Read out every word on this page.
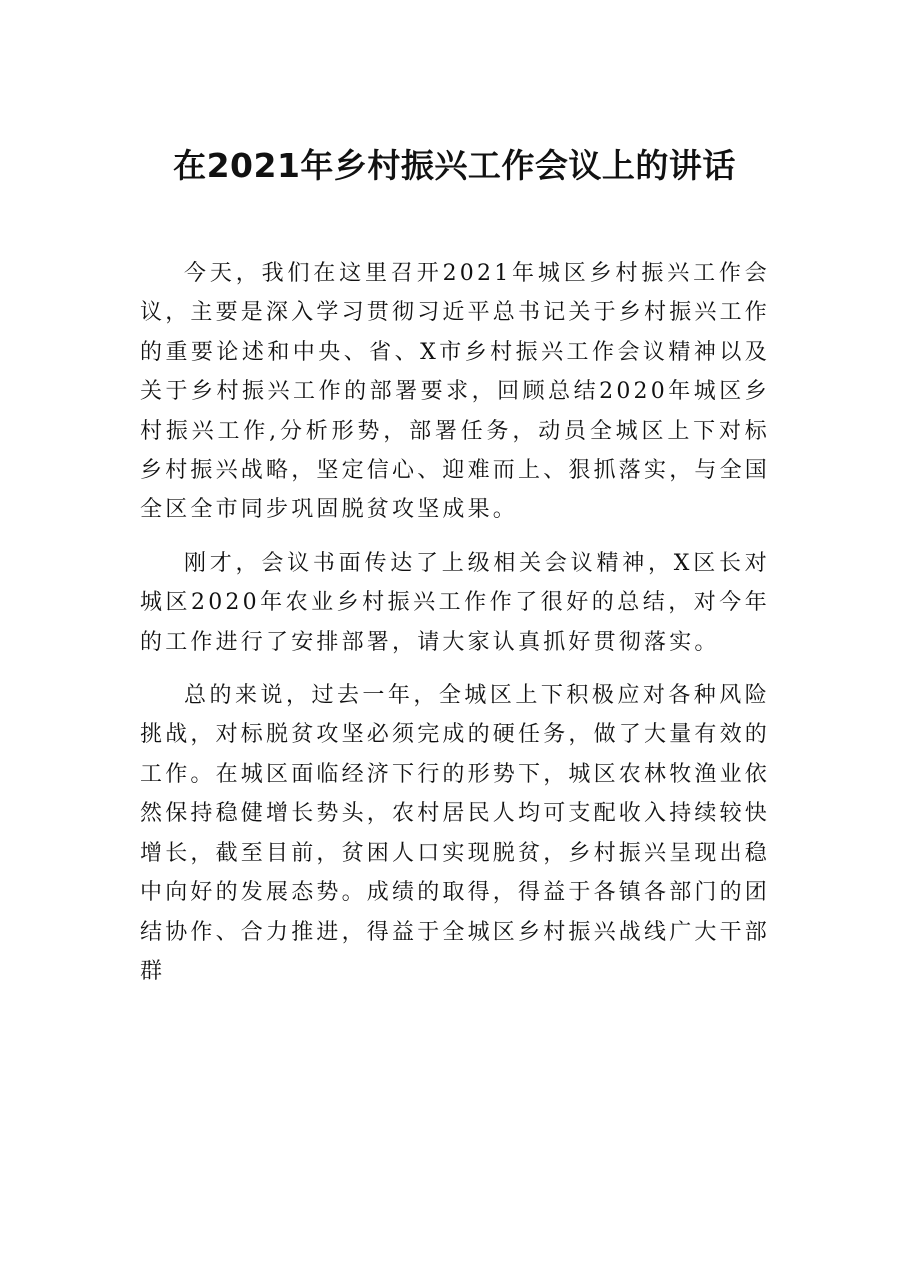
在2021年乡村振兴工作会议上的讲话

今天，我们在这里召开2021年城区乡村振兴工作会议，主要是深入学习贯彻习近平总书记关于乡村振兴工作的重要论述和中央、省、X市乡村振兴工作会议精神以及关于乡村振兴工作的部署要求，回顾总结2020年城区乡村振兴工作,分析形势，部署任务，动员全城区上下对标乡村振兴战略，坚定信心、迎难而上、狠抓落实，与全国全区全市同步巩固脱贫攻坚成果。

刚才，会议书面传达了上级相关会议精神，X区长对城区2020年农业乡村振兴工作作了很好的总结，对今年的工作进行了安排部署，请大家认真抓好贯彻落实。

总的来说，过去一年，全城区上下积极应对各种风险挑战，对标脱贫攻坚必须完成的硬任务，做了大量有效的工作。在城区面临经济下行的形势下，城区农林牧渔业依然保持稳健增长势头，农村居民人均可支配收入持续较快增长，截至目前，贫困人口实现脱贫，乡村振兴呈现出稳中向好的发展态势。成绩的取得，得益于各镇各部门的团结协作、合力推进，得益于全城区乡村振兴战线广大干部群
